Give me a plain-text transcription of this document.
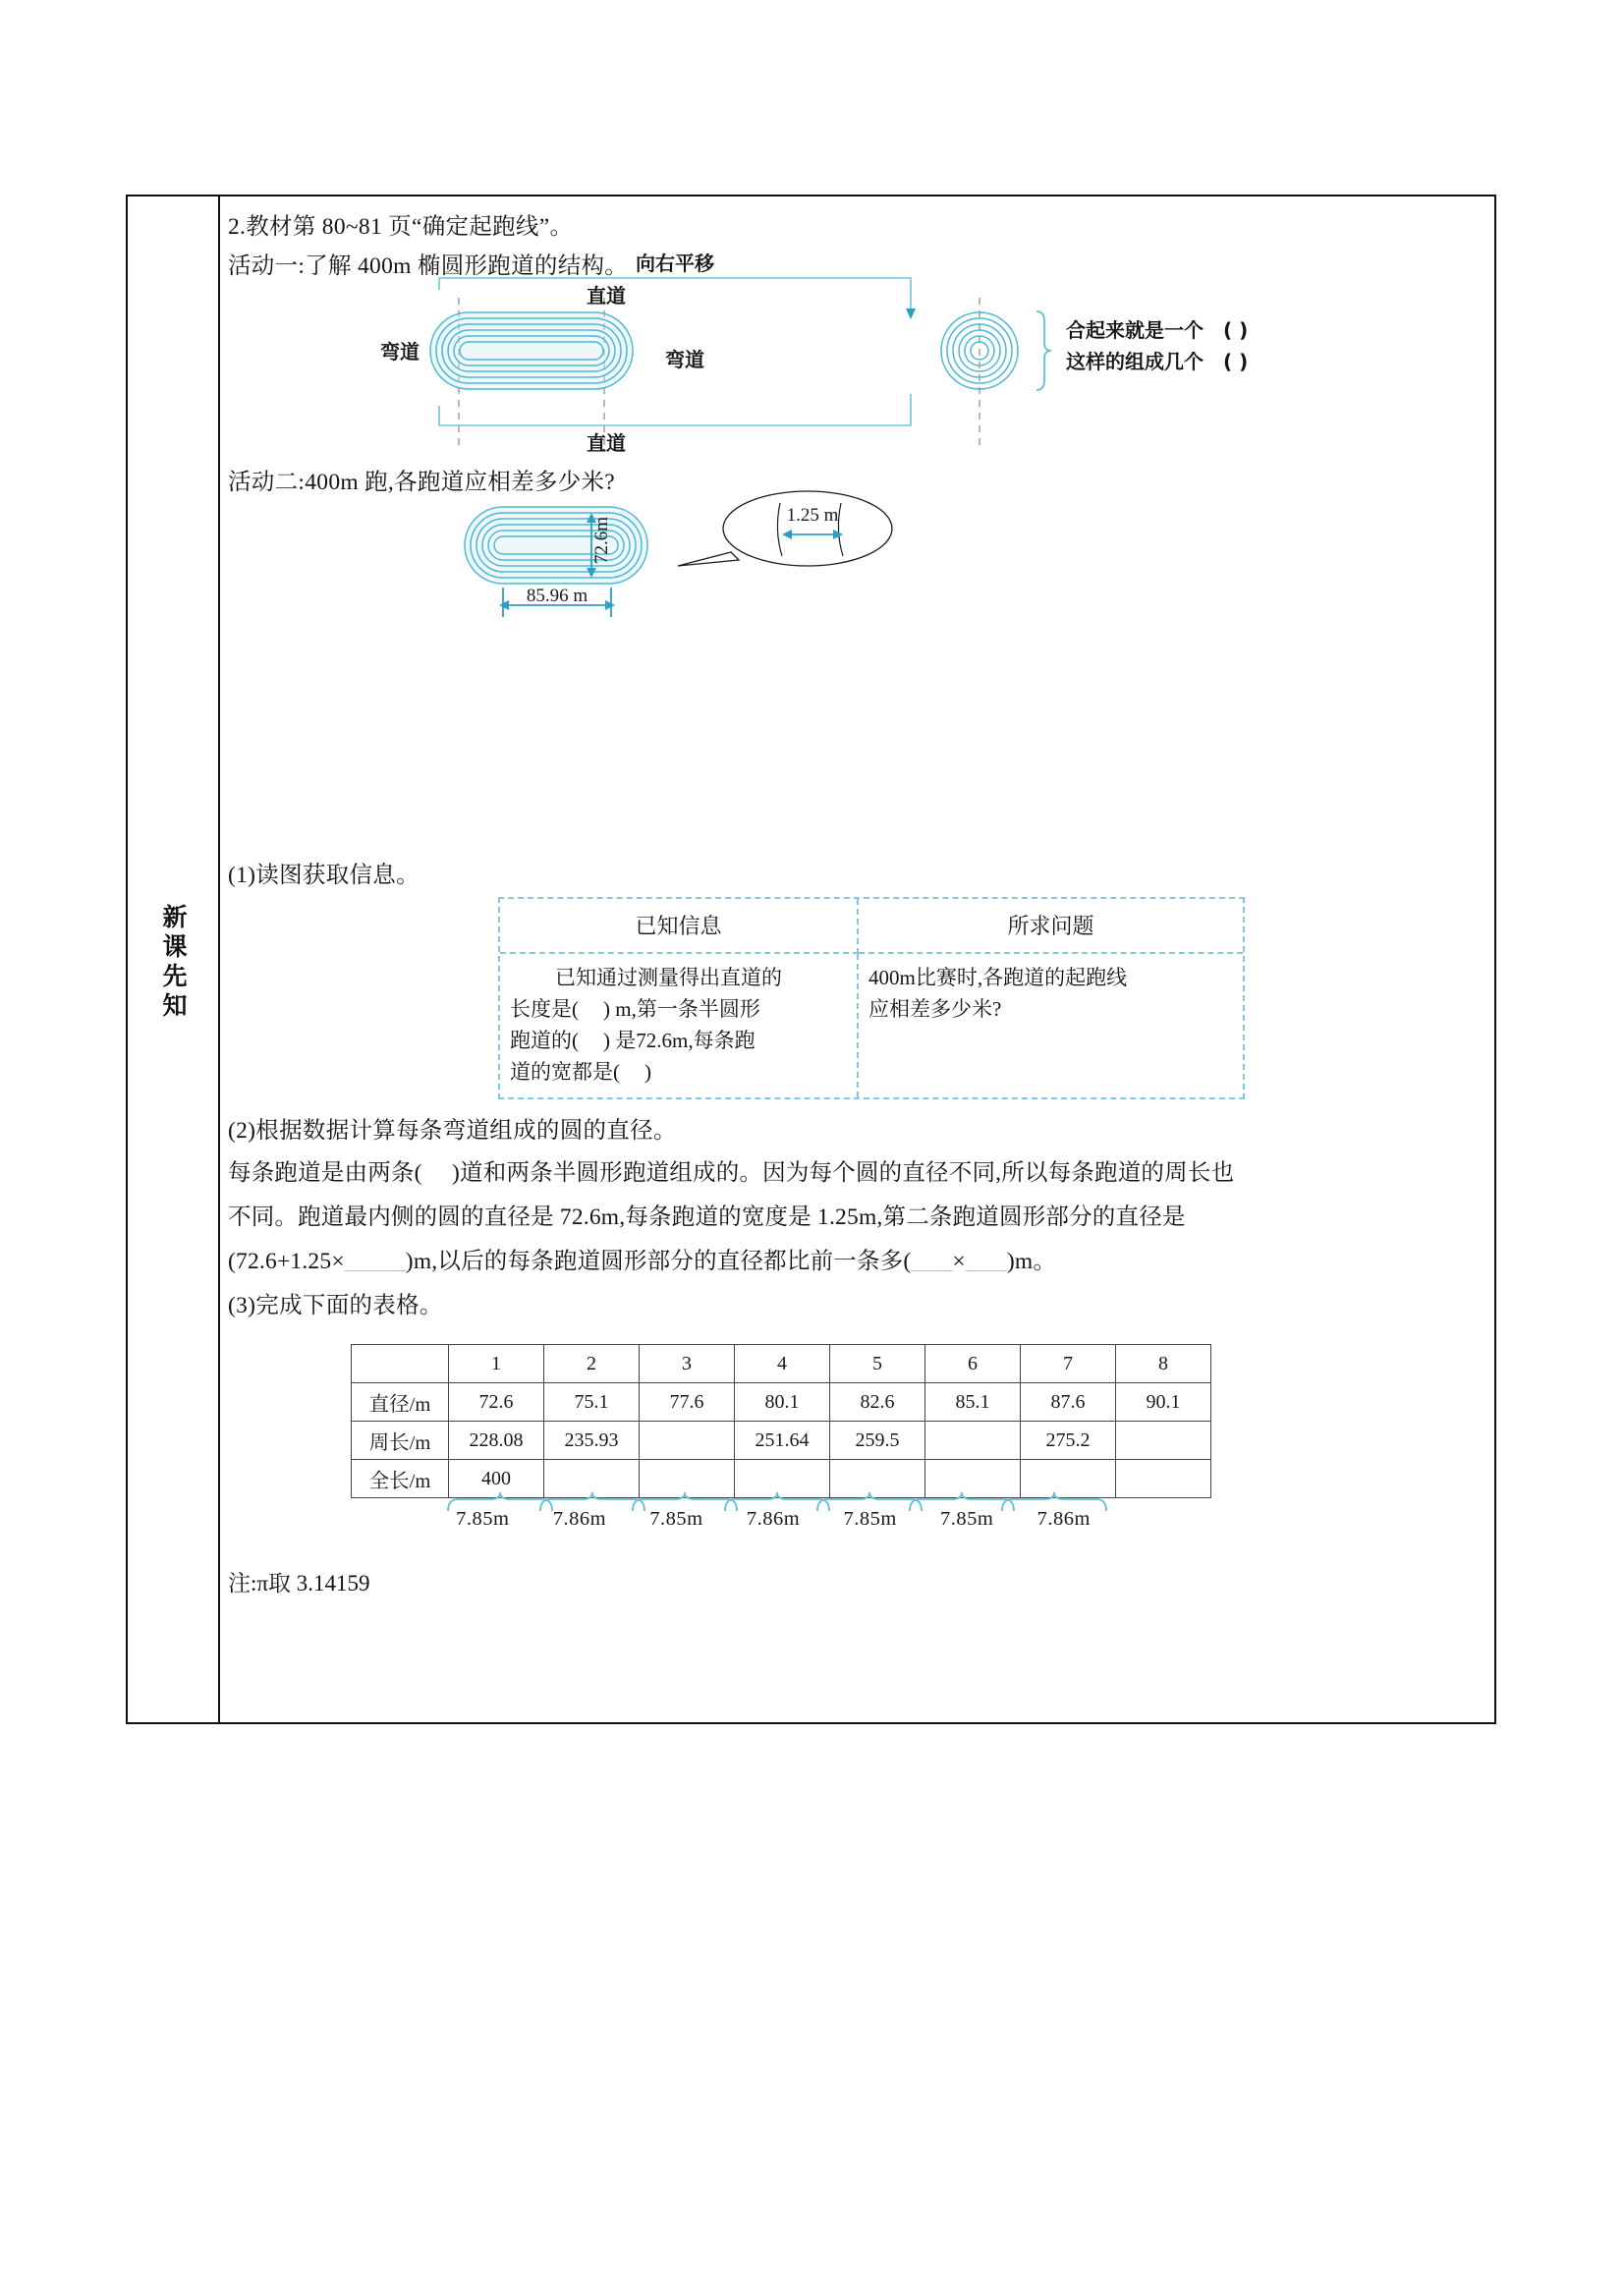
新课先知
2.教材第 80~81 页“确定起跑线”。
活动一:了解 400m 椭圆形跑道的结构。
直道
直道
弯道	弯道
向右平移
合起来就是一个
这样的组成几个
( )
( )
活动二:400m 跑,各跑道应相差多少米?
72.6m
85.96 m
1.25 m
(1)读图获取信息。
已知信息	所求问题
已知通过测量得出直道的
长度是( ) m,第一条半圆形
跑道的( ) 是72.6m,每条跑
道的宽都是( )
400m比赛时,各跑道的起跑线
应相差多少米?
(2)根据数据计算每条弯道组成的圆的直径。
每条跑道是由两条( )道和两条半圆形跑道组成的。因为每个圆的直径不同,所以每条跑道的周长也
不同。跑道最内侧的圆的直径是 72.6m,每条跑道的宽度是 1.25m,第二条跑道圆形部分的直径是
(72.6+1.25×	)m,以后的每条跑道圆形部分的直径都比前一条多( × )m。
(3)完成下面的表格。
	1	2	3	4	5	6	7	8
直径/m	72.6	75.1	77.6	80.1	82.6	85.1	87.6	90.1
周长/m	228.08	235.93		251.64	259.5		275.2	
全长/m	400							
7.85m	7.86m	7.85m	7.86m	7.85m	7.85m	7.86m
注:π取 3.14159
